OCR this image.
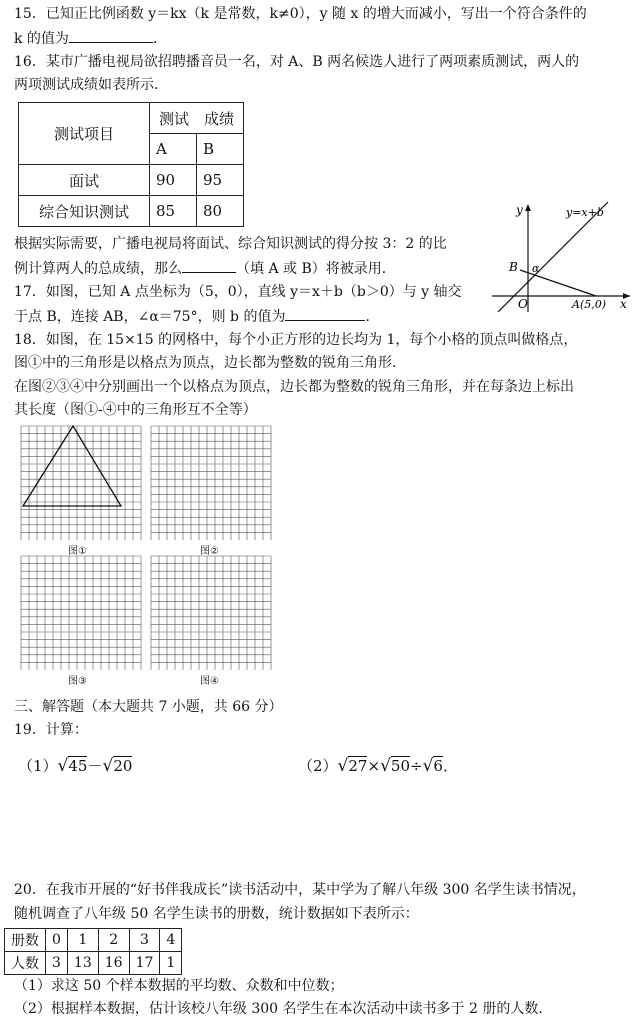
15．已知正比例函数 y＝kx（k 是常数，k≠0），y 随 x 的增大而减小，写出一个符合条件的
k 的值为	．
16．某市广播电视局欲招聘播音员一名，对 A、B 两名候选人进行了两项素质测试，两人的
两项测试成绩如表所示．
测试项目	测试　成绩	
	A	B
面试	90	95
综合知识测试	85	80
根据实际需要，广播电视局将面试、综合知识测试的得分按 3：2 的比
例计算两人的总成绩，那么	（填 A 或 B）将被录用．
y
x
y=x+b
B α
O	A(5,0)
17．如图，已知 A 点坐标为（5，0），直线 y＝x＋b（b＞0）与 y 轴交
于点 B，连接 AB，∠α＝75°，则 b 的值为	．
18．如图，在 15×15 的网格中，每个小正方形的边长均为 1，每个小格的顶点叫做格点，
图①中的三角形是以格点为顶点，边长都为整数的锐角三角形．
在图②③④中分别画出一个以格点为顶点，边长都为整数的锐角三角形，并在每条边上标出
其长度（图①-④中的三角形互不全等）
图①	图②
图③	图④
三、解答题（本大题共 7 小题，共 66 分）
19．计算：
（1）√45－√20	（2）√27×√50÷√6．
20．在我市开展的“好书伴我成长”读书活动中，某中学为了解八年级 300 名学生读书情况，
随机调查了八年级 50 名学生读书的册数，统计数据如下表所示：
册数	0	1	2	3	4
人数	3	13	16	17	1
（1）求这 50 个样本数据的平均数、众数和中位数；
（2）根据样本数据，估计该校八年级 300 名学生在本次活动中读书多于 2 册的人数．
